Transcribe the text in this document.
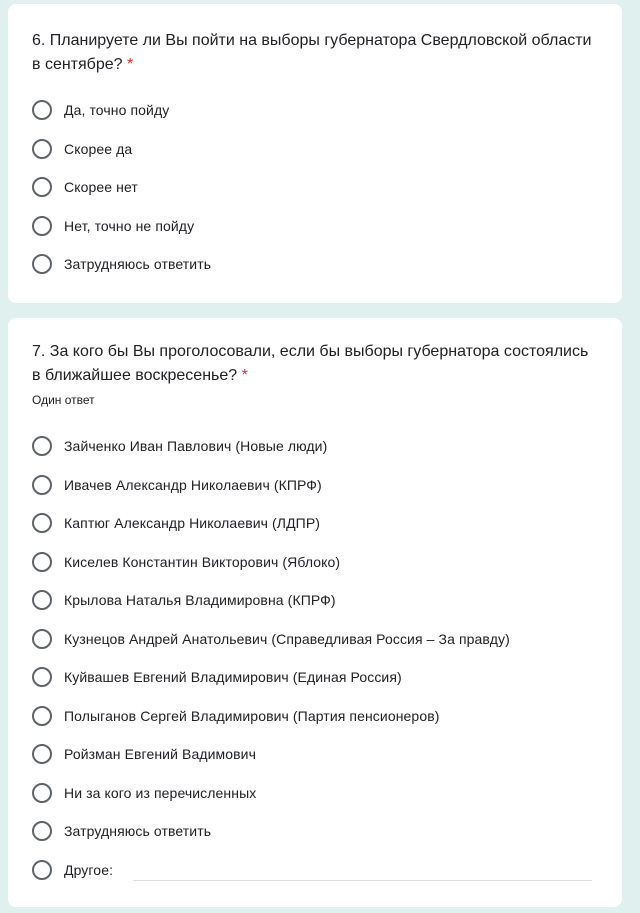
6. Планируете ли Вы пойти на выборы губернатора Свердловской области в сентябре? *

Да, точно пойду
Скорее да
Скорее нет
Нет, точно не пойду
Затрудняюсь ответить

7. За кого бы Вы проголосовали, если бы выборы губернатора состоялись в ближайшее воскресенье? *

Один ответ
Зайченко Иван Павлович (Новые люди)
Ивачев Александр Николаевич (КПРФ)
Каптюг Александр Николаевич (ЛДПР)
Киселев Константин Викторович (Яблоко)
Крылова Наталья Владимировна (КПРФ)
Кузнецов Андрей Анатольевич (Справедливая Россия – За правду)
Куйвашев Евгений Владимирович (Единая Россия)
Полыганов Сергей Владимирович (Партия пенсионеров)
Ройзман Евгений Вадимович
Ни за кого из перечисленных
Затрудняюсь ответить
Другое:
